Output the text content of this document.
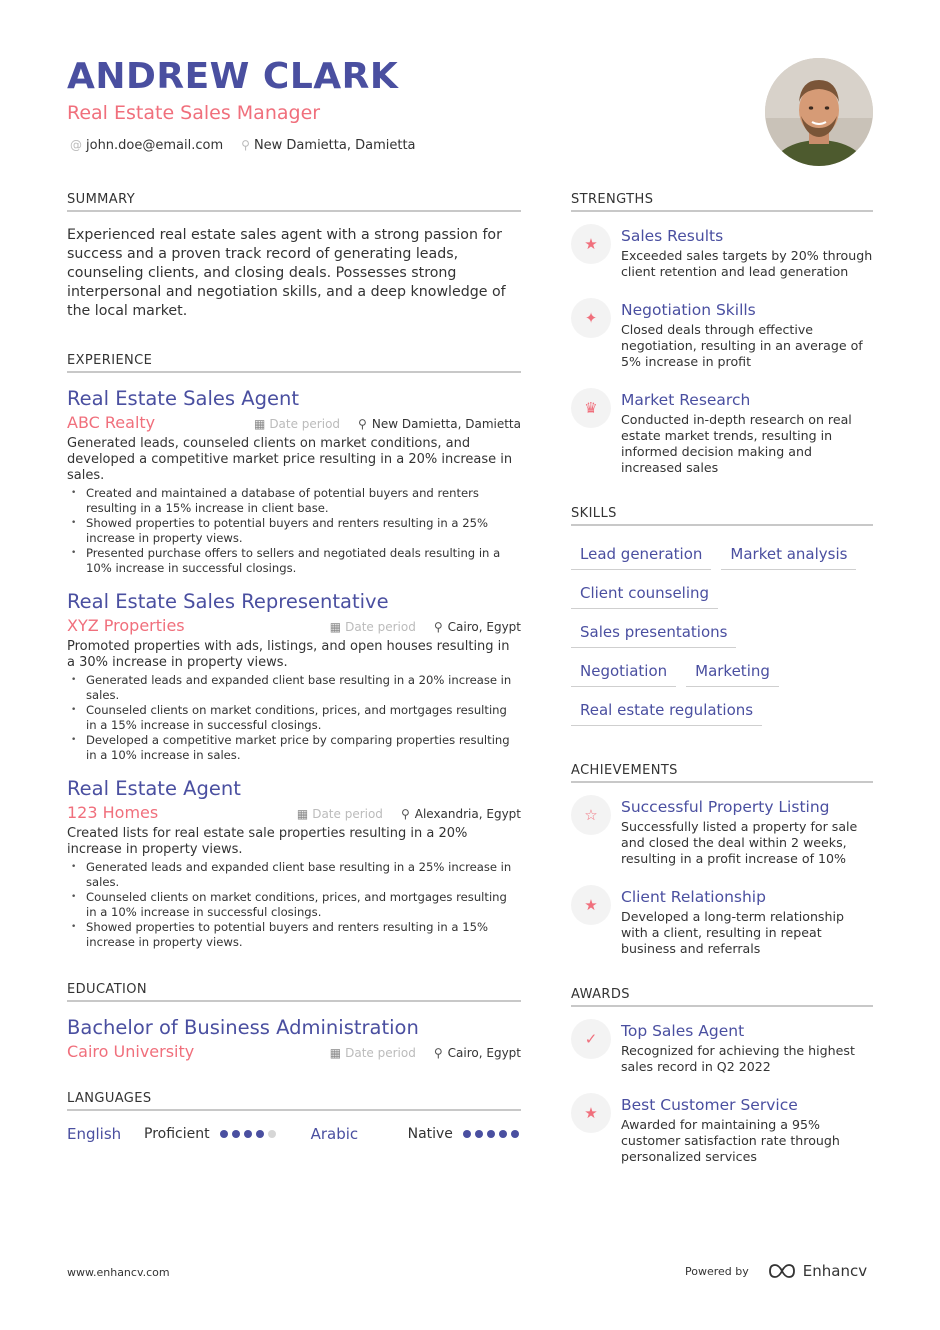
ANDREW CLARK
Real Estate Sales Manager
@ john.doe@email.com ⚲ New Damietta, Damietta
SUMMARY
Experienced real estate sales agent with a strong passion for success and a proven track record of generating leads, counseling clients, and closing deals. Possesses strong interpersonal and negotiation skills, and a deep knowledge of the local market.
EXPERIENCE
Real Estate Sales Agent
ABC Realty	▦ Date period ⚲ New Damietta, Damietta
Generated leads, counseled clients on market conditions, and developed a competitive market price resulting in a 20% increase in sales.
• Created and maintained a database of potential buyers and renters resulting in a 15% increase in client base.
• Showed properties to potential buyers and renters resulting in a 25% increase in property views.
• Presented purchase offers to sellers and negotiated deals resulting in a 10% increase in successful closings.
Real Estate Sales Representative
XYZ Properties	▦ Date period ⚲ Cairo, Egypt
Promoted properties with ads, listings, and open houses resulting in a 30% increase in property views.
• Generated leads and expanded client base resulting in a 20% increase in sales.
• Counseled clients on market conditions, prices, and mortgages resulting in a 15% increase in successful closings.
• Developed a competitive market price by comparing properties resulting in a 10% increase in sales.
Real Estate Agent
123 Homes	▦ Date period ⚲ Alexandria, Egypt
Created lists for real estate sale properties resulting in a 20% increase in property views.
• Generated leads and expanded client base resulting in a 25% increase in sales.
• Counseled clients on market conditions, prices, and mortgages resulting in a 10% increase in successful closings.
• Showed properties to potential buyers and renters resulting in a 15% increase in property views.
EDUCATION
Bachelor of Business Administration
Cairo University	▦ Date period ⚲ Cairo, Egypt
LANGUAGES
English	Proficient	Arabic	Native
STRENGTHS
★	Sales Results
Exceeded sales targets by 20% through client retention and lead generation
✦	Negotiation Skills
Closed deals through effective negotiation, resulting in an average of 5% increase in profit
♛	Market Research
Conducted in-depth research on real estate market trends, resulting in informed decision making and increased sales
SKILLS
Lead generation	Market analysis
Client counseling
Sales presentations
Negotiation	Marketing
Real estate regulations
ACHIEVEMENTS
☆	Successful Property Listing
Successfully listed a property for sale and closed the deal within 2 weeks, resulting in a profit increase of 10%
★	Client Relationship
Developed a long-term relationship with a client, resulting in repeat business and referrals
AWARDS
✓	Top Sales Agent
Recognized for achieving the highest sales record in Q2 2022
★	Best Customer Service
Awarded for maintaining a 95% customer satisfaction rate through personalized services
www.enhancv.com	Powered by	Enhancv
